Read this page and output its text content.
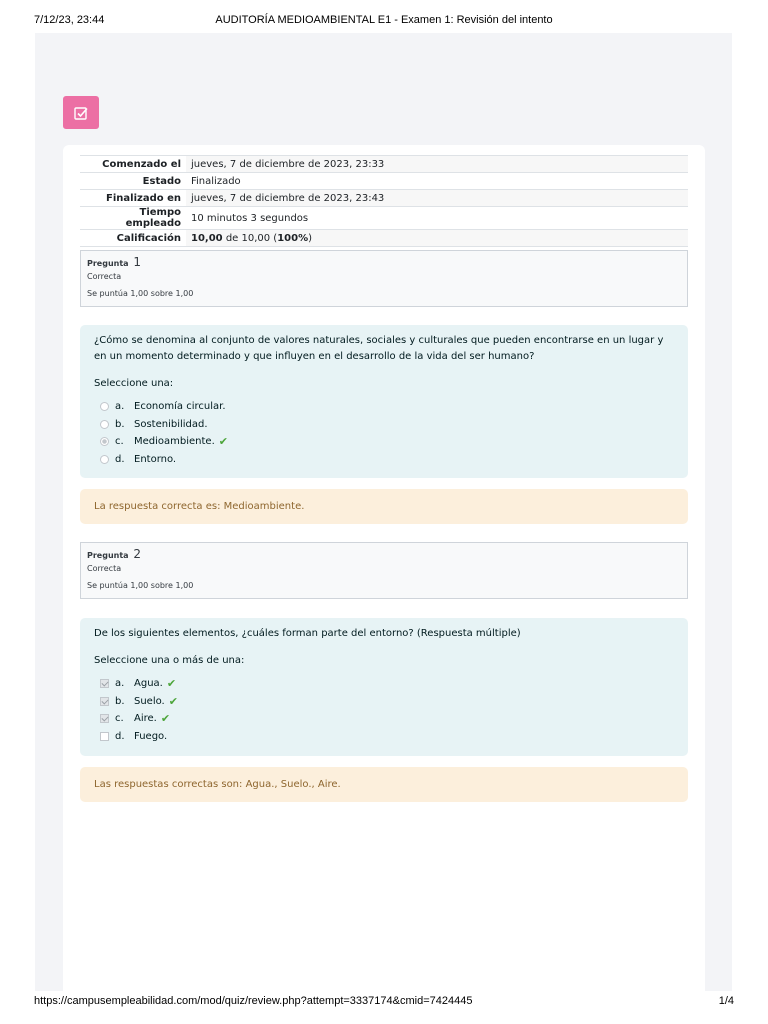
7/12/23, 23:44	AUDITORÍA MEDIOAMBIENTAL E1 - Examen 1: Revisión del intento
Comenzado el	jueves, 7 de diciembre de 2023, 23:33
Estado	Finalizado
Finalizado en	jueves, 7 de diciembre de 2023, 23:43
Tiempo empleado	10 minutos 3 segundos
Calificación	10,00 de 10,00 (100%)
Pregunta 1
Correcta
Se puntúa 1,00 sobre 1,00
¿Cómo se denomina al conjunto de valores naturales, sociales y culturales que pueden encontrarse en un lugar y en un momento determinado y que influyen en el desarrollo de la vida del ser humano?
Seleccione una:
a. Economía circular.
b. Sostenibilidad.
c.	Medioambiente. ✔
d. Entorno.
La respuesta correcta es: Medioambiente.
Pregunta 2
Correcta
Se puntúa 1,00 sobre 1,00
De los siguientes elementos, ¿cuáles forman parte del entorno? (Respuesta múltiple)
Seleccione una o más de una:
a. Agua. ✔
b. Suelo. ✔
c.	Aire. ✔
d. Fuego.
Las respuestas correctas son: Agua., Suelo., Aire.
https://campusempleabilidad.com/mod/quiz/review.php?attempt=3337174&cmid=7424445	1/4
